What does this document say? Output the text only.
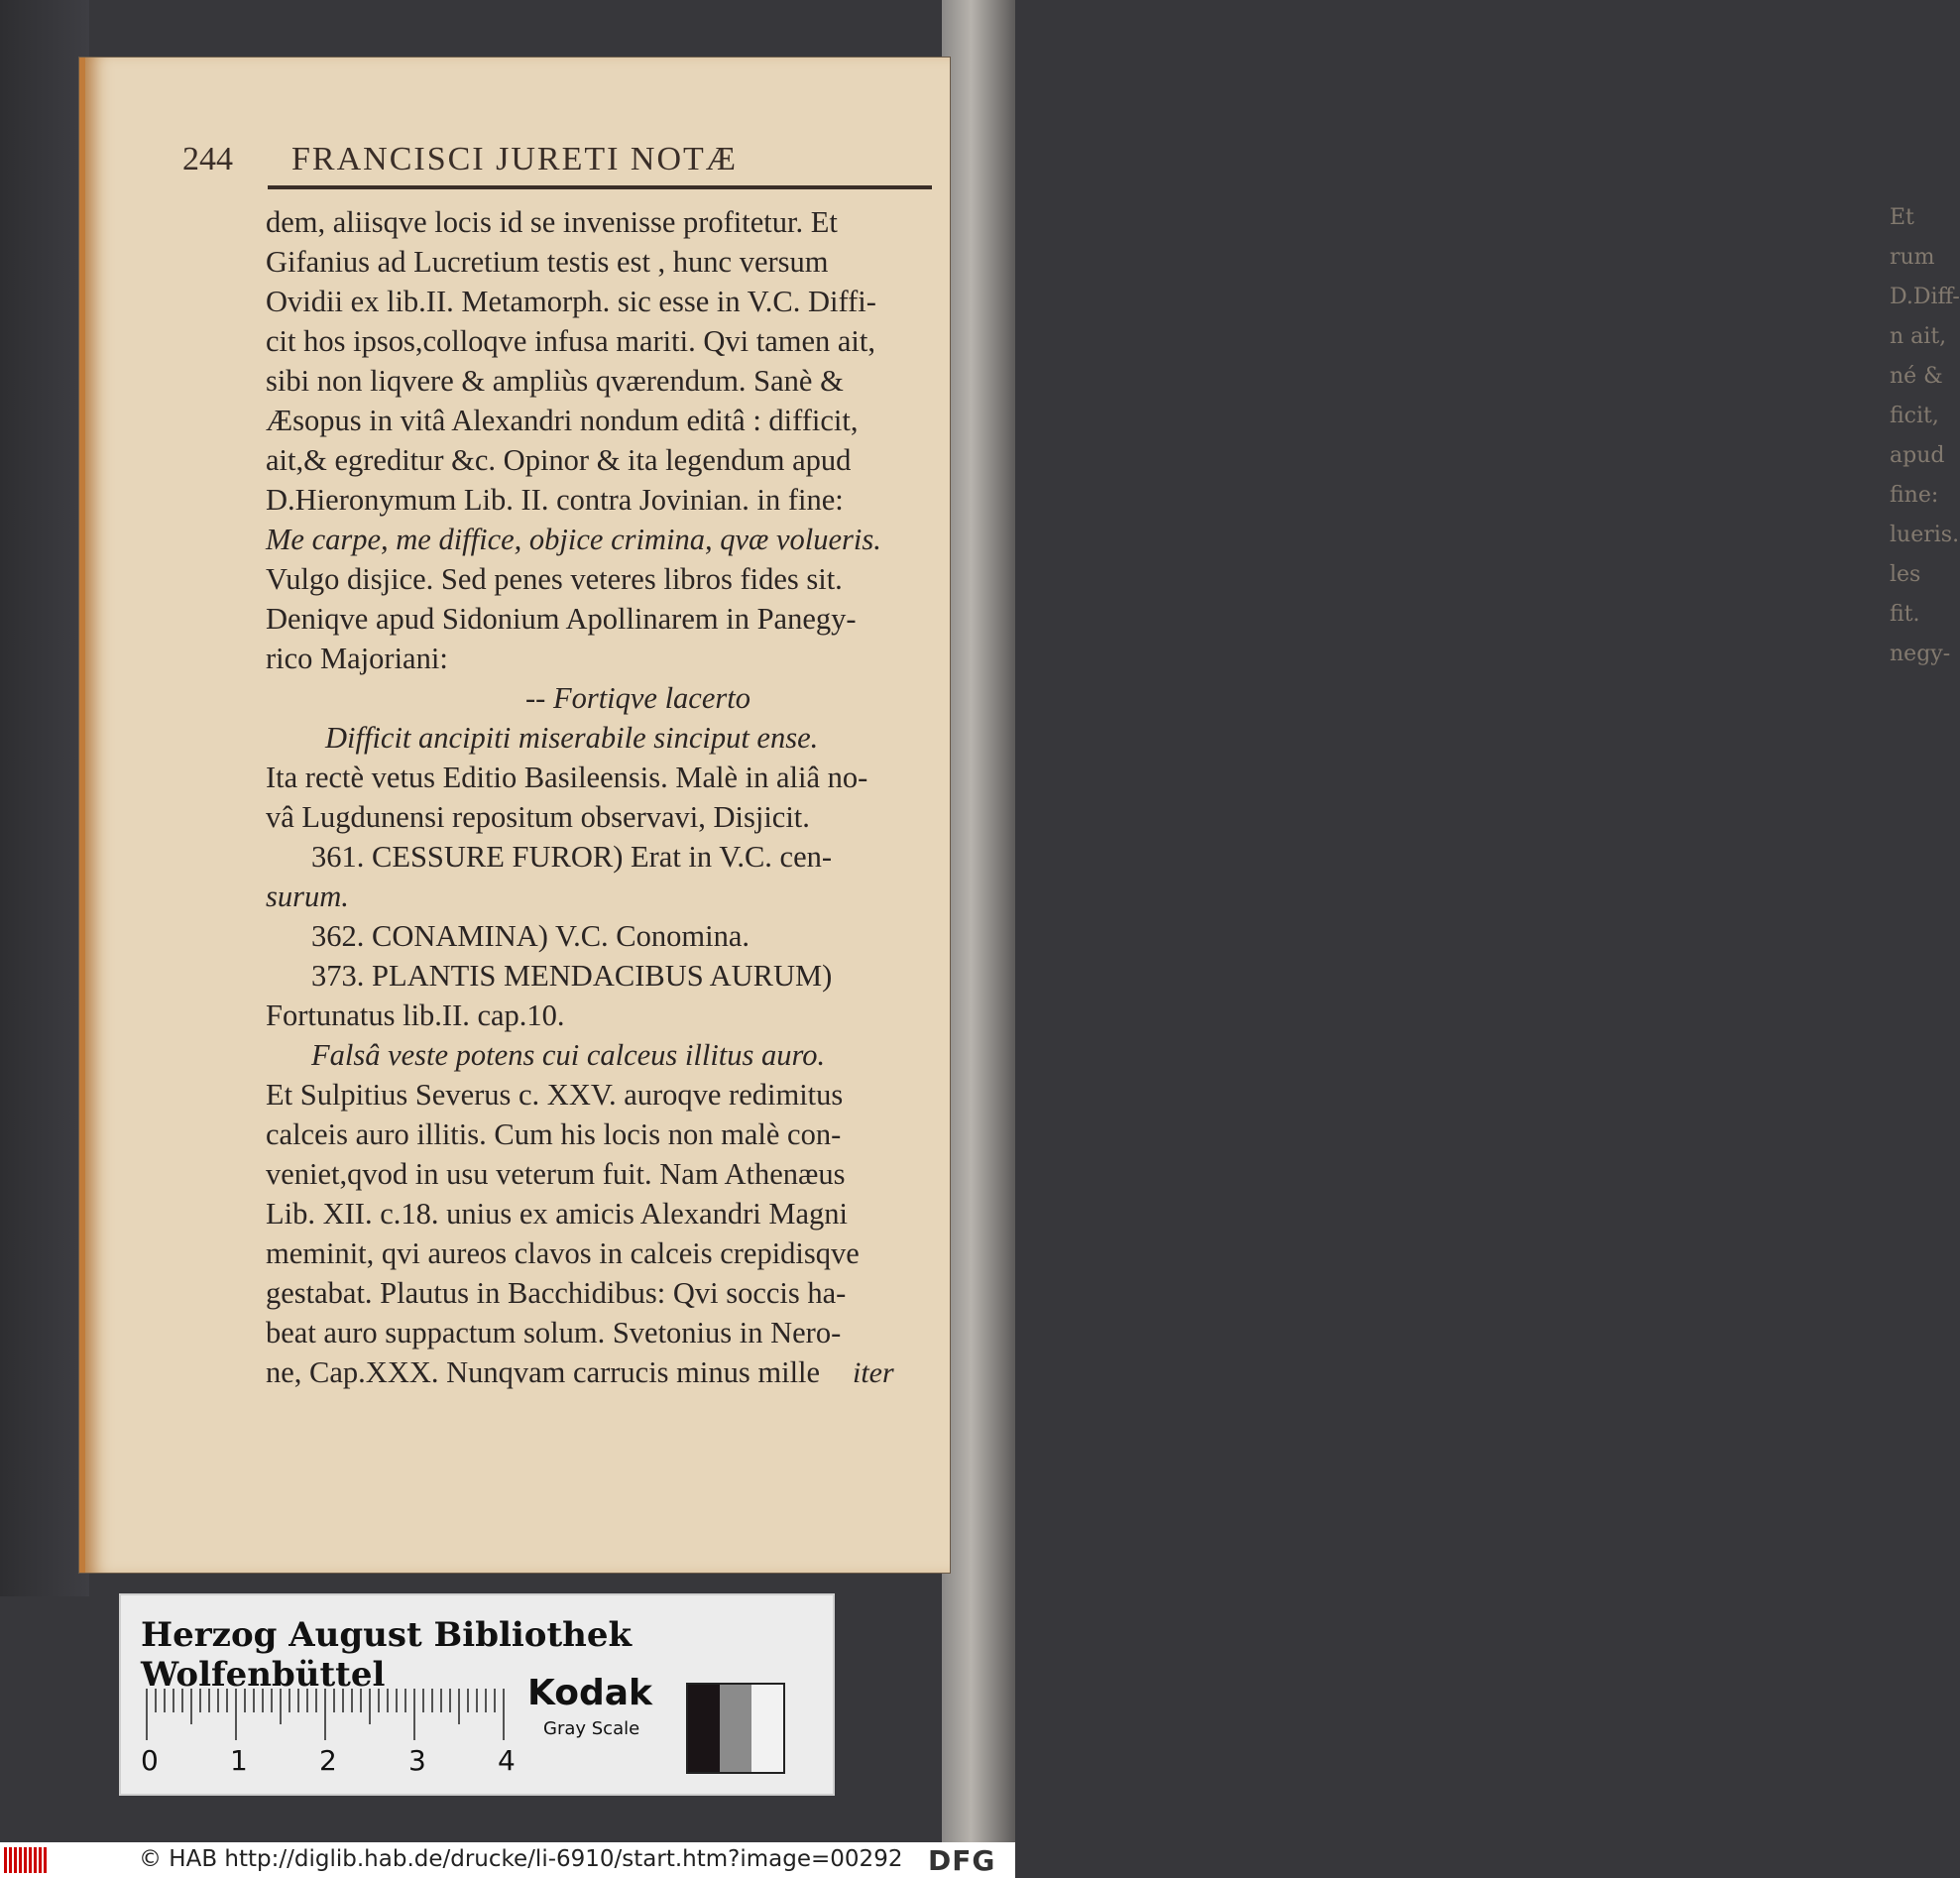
Et
rum
D.Diff-
n ait,
né &
ficit,
apud
fine:
lueris.
les fit.
negy-
244 FRANCISCI JURETI NOTÆ
dem, aliisqve locis id se invenisse profitetur. Et
Gifanius ad Lucretium testis est , hunc versum
Ovidii ex lib.II. Metamorph. sic esse in V.C. Diffi-
cit hos ipsos,colloqve infusa mariti. Qvi tamen ait,
sibi non liqvere & ampliùs qværendum. Sanè &
Æsopus in vitâ Alexandri nondum editâ : difficit,
ait,& egreditur &c. Opinor & ita legendum apud
D.Hieronymum Lib. II. contra Jovinian. in fine:
Me carpe, me diffice, objice crimina, qvæ volueris.
Vulgo disjice. Sed penes veteres libros fides sit.
Deniqve apud Sidonium Apollinarem in Panegy-
rico Majoriani:
-- Fortiqve lacerto
Difficit ancipiti miserabile sinciput ense.
Ita rectè vetus Editio Basileensis. Malè in aliâ no-
vâ Lugdunensi repositum observavi, Disjicit.
361. CESSURE FUROR) Erat in V.C. cen-
surum.
362. CONAMINA) V.C. Conomina.
373. PLANTIS MENDACIBUS AURUM)
Fortunatus lib.II. cap.10.
Falsâ veste potens cui calceus illitus auro.
Et Sulpitius Severus c. XXV. auroqve redimitus
calceis auro illitis. Cum his locis non malè con-
veniet,qvod in usu veterum fuit. Nam Athenæus
Lib. XII. c.18. unius ex amicis Alexandri Magni
meminit, qvi aureos clavos in calceis crepidisqve
gestabat. Plautus in Bacchidibus: Qvi soccis ha-
beat auro suppactum solum. Svetonius in Nero-
ne, Cap.XXX. Nunqvam carrucis minus mille	iter
Herzog August Bibliothek Wolfenbüttel
0	1	2	3	4
Kodak
Gray Scale
© HAB http://diglib.hab.de/drucke/li-6910/start.htm?image=00292 DFG
